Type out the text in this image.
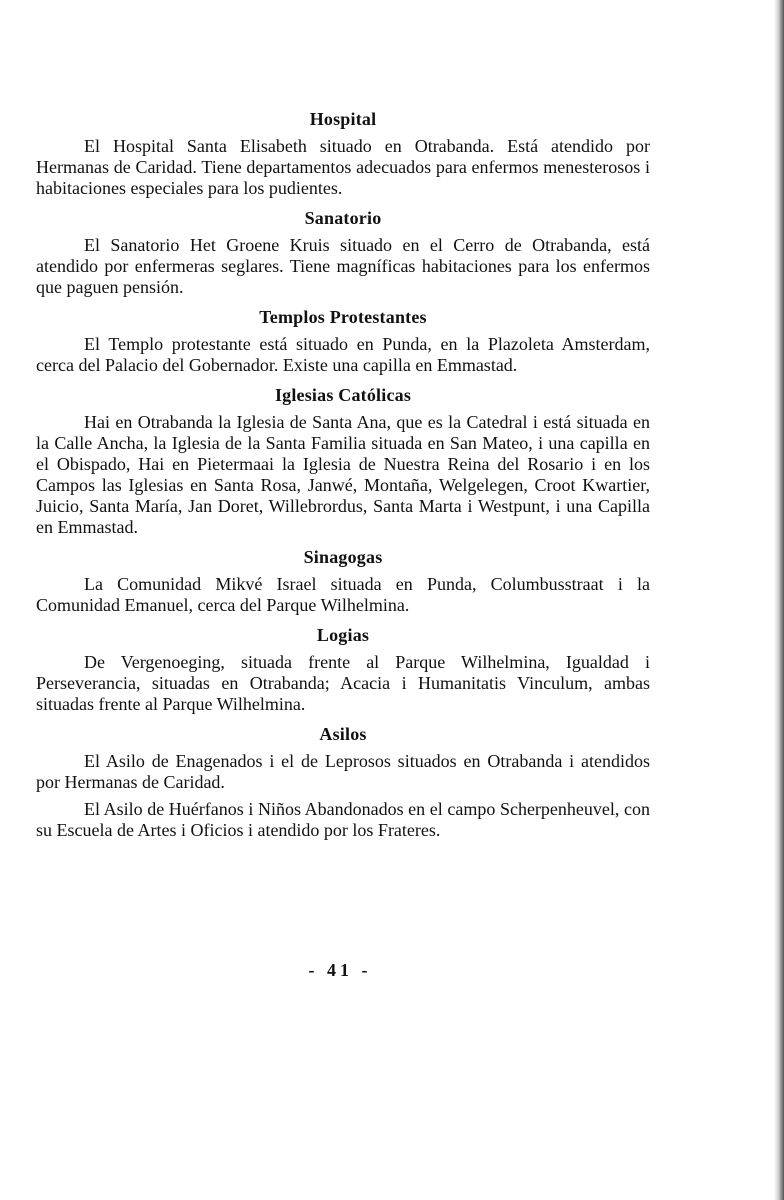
Hospital

El Hospital Santa Elisabeth situado en Otrabanda. Está atendido por Hermanas de Caridad. Tiene departamentos adecuados para enfermos menesterosos i habitaciones especiales para los pudientes.

Sanatorio

El Sanatorio Het Groene Kruis situado en el Cerro de Otrabanda, está atendido por enfermeras seglares. Tiene magníficas habitaciones para los enfermos que paguen pensión.

Templos Protestantes

El Templo protestante está situado en Punda, en la Plazoleta Amsterdam, cerca del Palacio del Gobernador. Existe una capilla en Emmastad.

Iglesias Católicas

Hai en Otrabanda la Iglesia de Santa Ana, que es la Catedral i está situada en la Calle Ancha, la Iglesia de la Santa Familia situada en San Mateo, i una capilla en el Obispado, Hai en Pietermaai la Iglesia de Nuestra Reina del Rosario i en los Campos las Iglesias en Santa Rosa, Janwé, Montaña, Welgelegen, Croot Kwartier, Juicio, Santa María, Jan Doret, Willebrordus, Santa Marta i Westpunt, i una Capilla en Emmastad.

Sinagogas

La Comunidad Mikvé Israel situada en Punda, Columbusstraat i la Comunidad Emanuel, cerca del Parque Wilhelmina.

Logias

De Vergenoeging, situada frente al Parque Wilhelmina, Igualdad i Perseverancia, situadas en Otrabanda; Acacia i Humanitatis Vinculum, ambas situadas frente al Parque Wilhelmina.

Asilos

El Asilo de Enagenados i el de Leprosos situados en Otrabanda i atendidos por Hermanas de Caridad.

El Asilo de Huérfanos i Niños Abandonados en el campo Scherpenheuvel, con su Escuela de Artes i Oficios i atendido por los Frateres.

- 41 -
